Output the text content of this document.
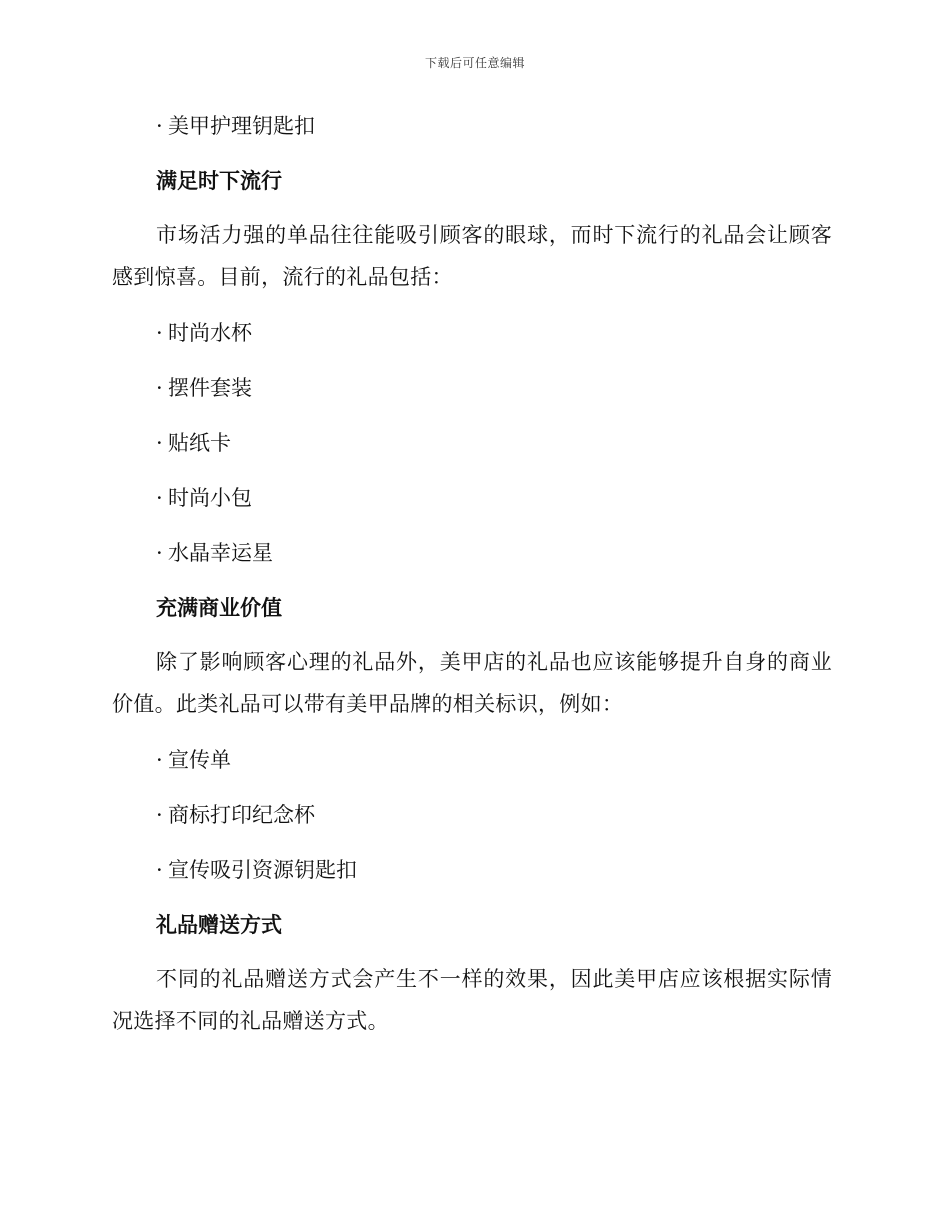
下载后可任意编辑
· 美甲护理钥匙扣
满足时下流行

市场活力强的单品往往能吸引顾客的眼球，而时下流行的礼品会让顾客感到惊喜。目前，流行的礼品包括：

· 时尚水杯
· 摆件套装
· 贴纸卡
· 时尚小包
· 水晶幸运星
充满商业价值

除了影响顾客心理的礼品外，美甲店的礼品也应该能够提升自身的商业价值。此类礼品可以带有美甲品牌的相关标识，例如：

· 宣传单
· 商标打印纪念杯
· 宣传吸引资源钥匙扣
礼品赠送方式

不同的礼品赠送方式会产生不一样的效果，因此美甲店应该根据实际情况选择不同的礼品赠送方式。
